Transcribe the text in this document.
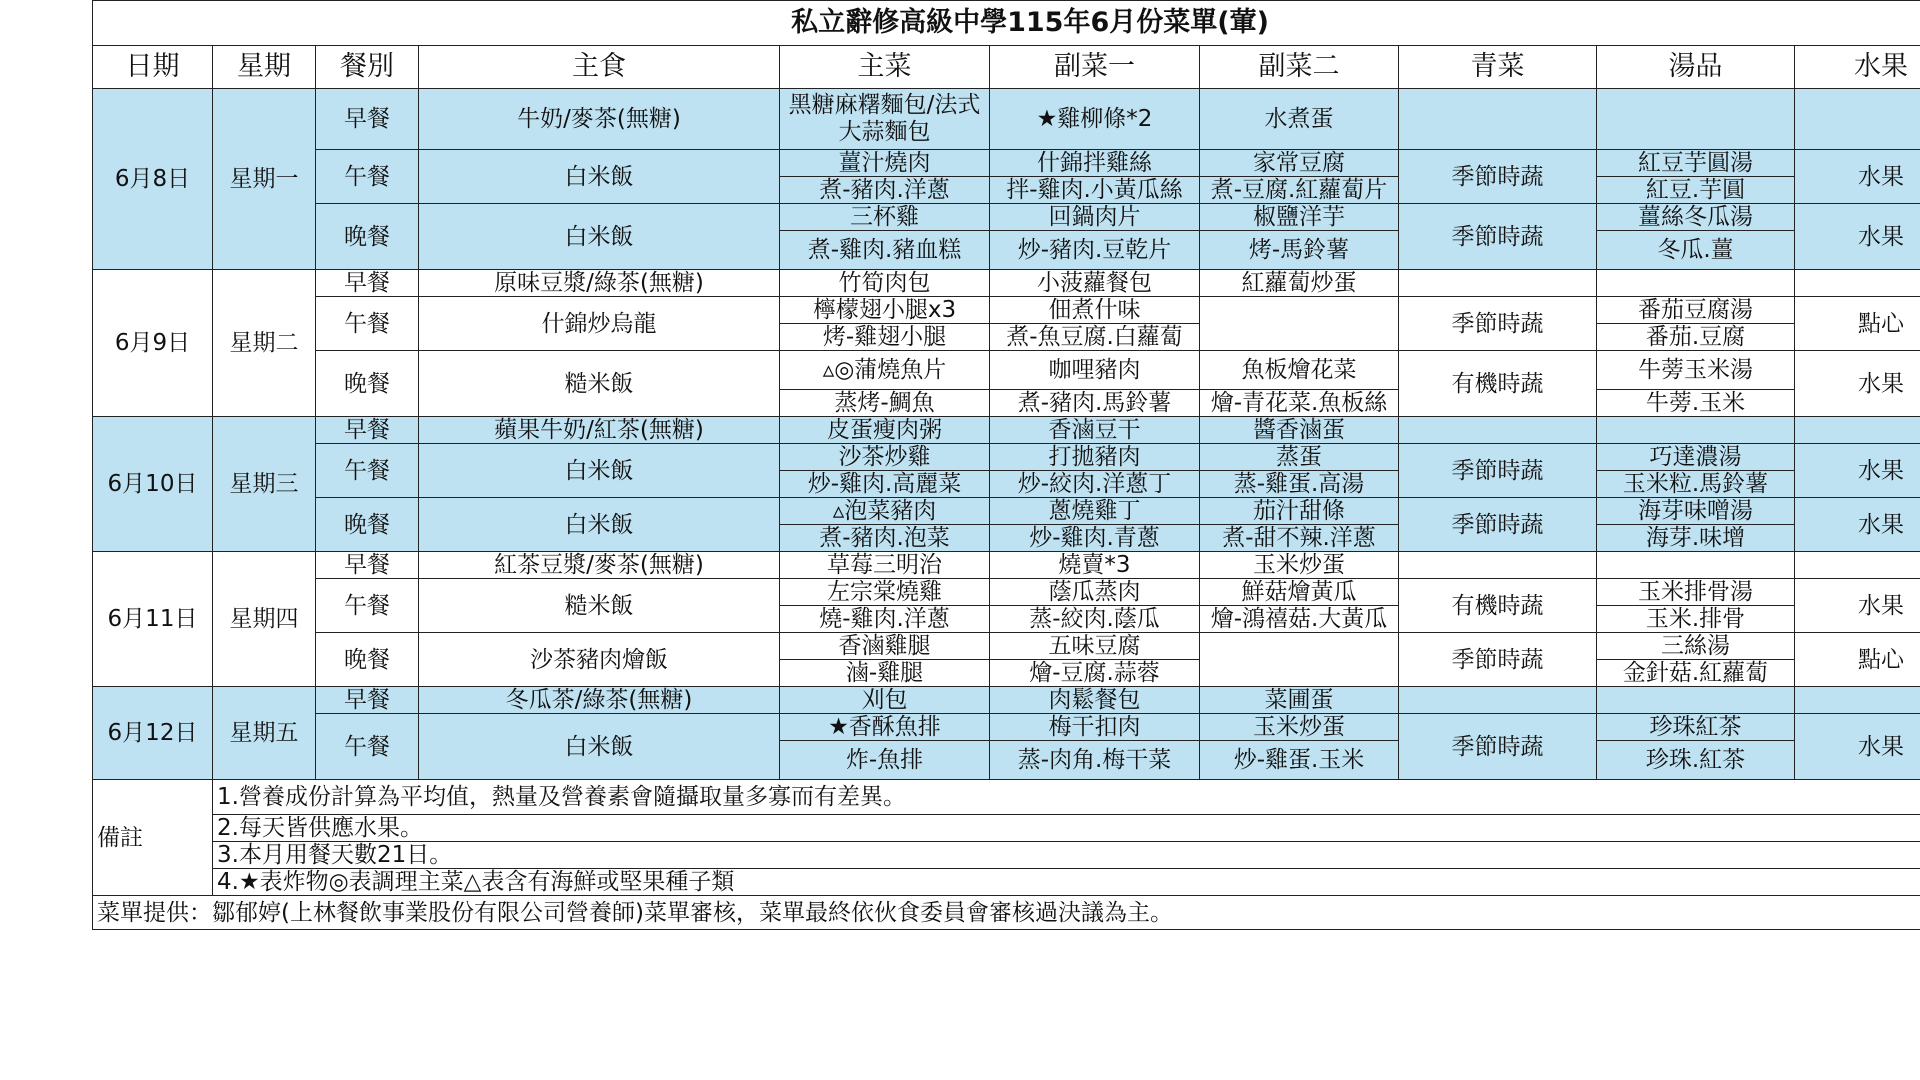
私立辭修高級中學115年6月份菜單(葷)									
日期	星期	餐別	主食	主菜	副菜一	副菜二	青菜	湯品	水果
6月8日	星期一	早餐	牛奶/麥茶(無糖)	黑糖麻糬麵包/法式大蒜麵包	★雞柳條*2	水煮蛋			
		午餐	白米飯	薑汁燒肉	什錦拌雞絲	家常豆腐	季節時蔬	紅豆芋圓湯	水果
				煮-豬肉.洋蔥	拌-雞肉.小黃瓜絲	煮-豆腐.紅蘿蔔片		紅豆.芋圓	
		晚餐	白米飯	三杯雞	回鍋肉片	椒鹽洋芋	季節時蔬	薑絲冬瓜湯	水果
				煮-雞肉.豬血糕	炒-豬肉.豆乾片	烤-馬鈴薯		冬瓜.薑	
6月9日	星期二	早餐	原味豆漿/綠茶(無糖)	竹筍肉包	小菠蘿餐包	紅蘿蔔炒蛋			
		午餐	什錦炒烏龍	檸檬翅小腿x3	佃煮什味		季節時蔬	番茄豆腐湯	點心
				烤-雞翅小腿	煮-魚豆腐.白蘿蔔			番茄.豆腐	
		晚餐	糙米飯	▵◎蒲燒魚片	咖哩豬肉	魚板燴花菜	有機時蔬	牛蒡玉米湯	水果
				蒸烤-鯛魚	煮-豬肉.馬鈴薯	燴-青花菜.魚板絲		牛蒡.玉米	
6月10日	星期三	早餐	蘋果牛奶/紅茶(無糖)	皮蛋瘦肉粥	香滷豆干	醬香滷蛋			
		午餐	白米飯	沙茶炒雞	打拋豬肉	蒸蛋	季節時蔬	巧達濃湯	水果
				炒-雞肉.高麗菜	炒-絞肉.洋蔥丁	蒸-雞蛋.高湯		玉米粒.馬鈴薯	
		晚餐	白米飯	▵泡菜豬肉	蔥燒雞丁	茄汁甜條	季節時蔬	海芽味噌湯	水果
				煮-豬肉.泡菜	炒-雞肉.青蔥	煮-甜不辣.洋蔥		海芽.味增	
6月11日	星期四	早餐	紅茶豆漿/麥茶(無糖)	草莓三明治	燒賣*3	玉米炒蛋			
		午餐	糙米飯	左宗棠燒雞	蔭瓜蒸肉	鮮菇燴黃瓜	有機時蔬	玉米排骨湯	水果
				燒-雞肉.洋蔥	蒸-絞肉.蔭瓜	燴-鴻禧菇.大黃瓜		玉米.排骨	
		晚餐	沙茶豬肉燴飯	香滷雞腿	五味豆腐		季節時蔬	三絲湯	點心
				滷-雞腿	燴-豆腐.蒜蓉			金針菇.紅蘿蔔	
6月12日	星期五	早餐	冬瓜茶/綠茶(無糖)	刈包	肉鬆餐包	菜圃蛋			
		午餐	白米飯	★香酥魚排	梅干扣肉	玉米炒蛋	季節時蔬	珍珠紅茶	水果
				炸-魚排	蒸-肉角.梅干菜	炒-雞蛋.玉米		珍珠.紅茶	
備註	1.營養成份計算為平均值，熱量及營養素會隨攝取量多寡而有差異。								
	2.每天皆供應水果。								
	3.本月用餐天數21日。								
	4.★表炸物◎表調理主菜△表含有海鮮或堅果種子類								
菜單提供：鄒郁婷(上林餐飲事業股份有限公司營養師)菜單審核，菜單最終依伙食委員會審核過決議為主。									
